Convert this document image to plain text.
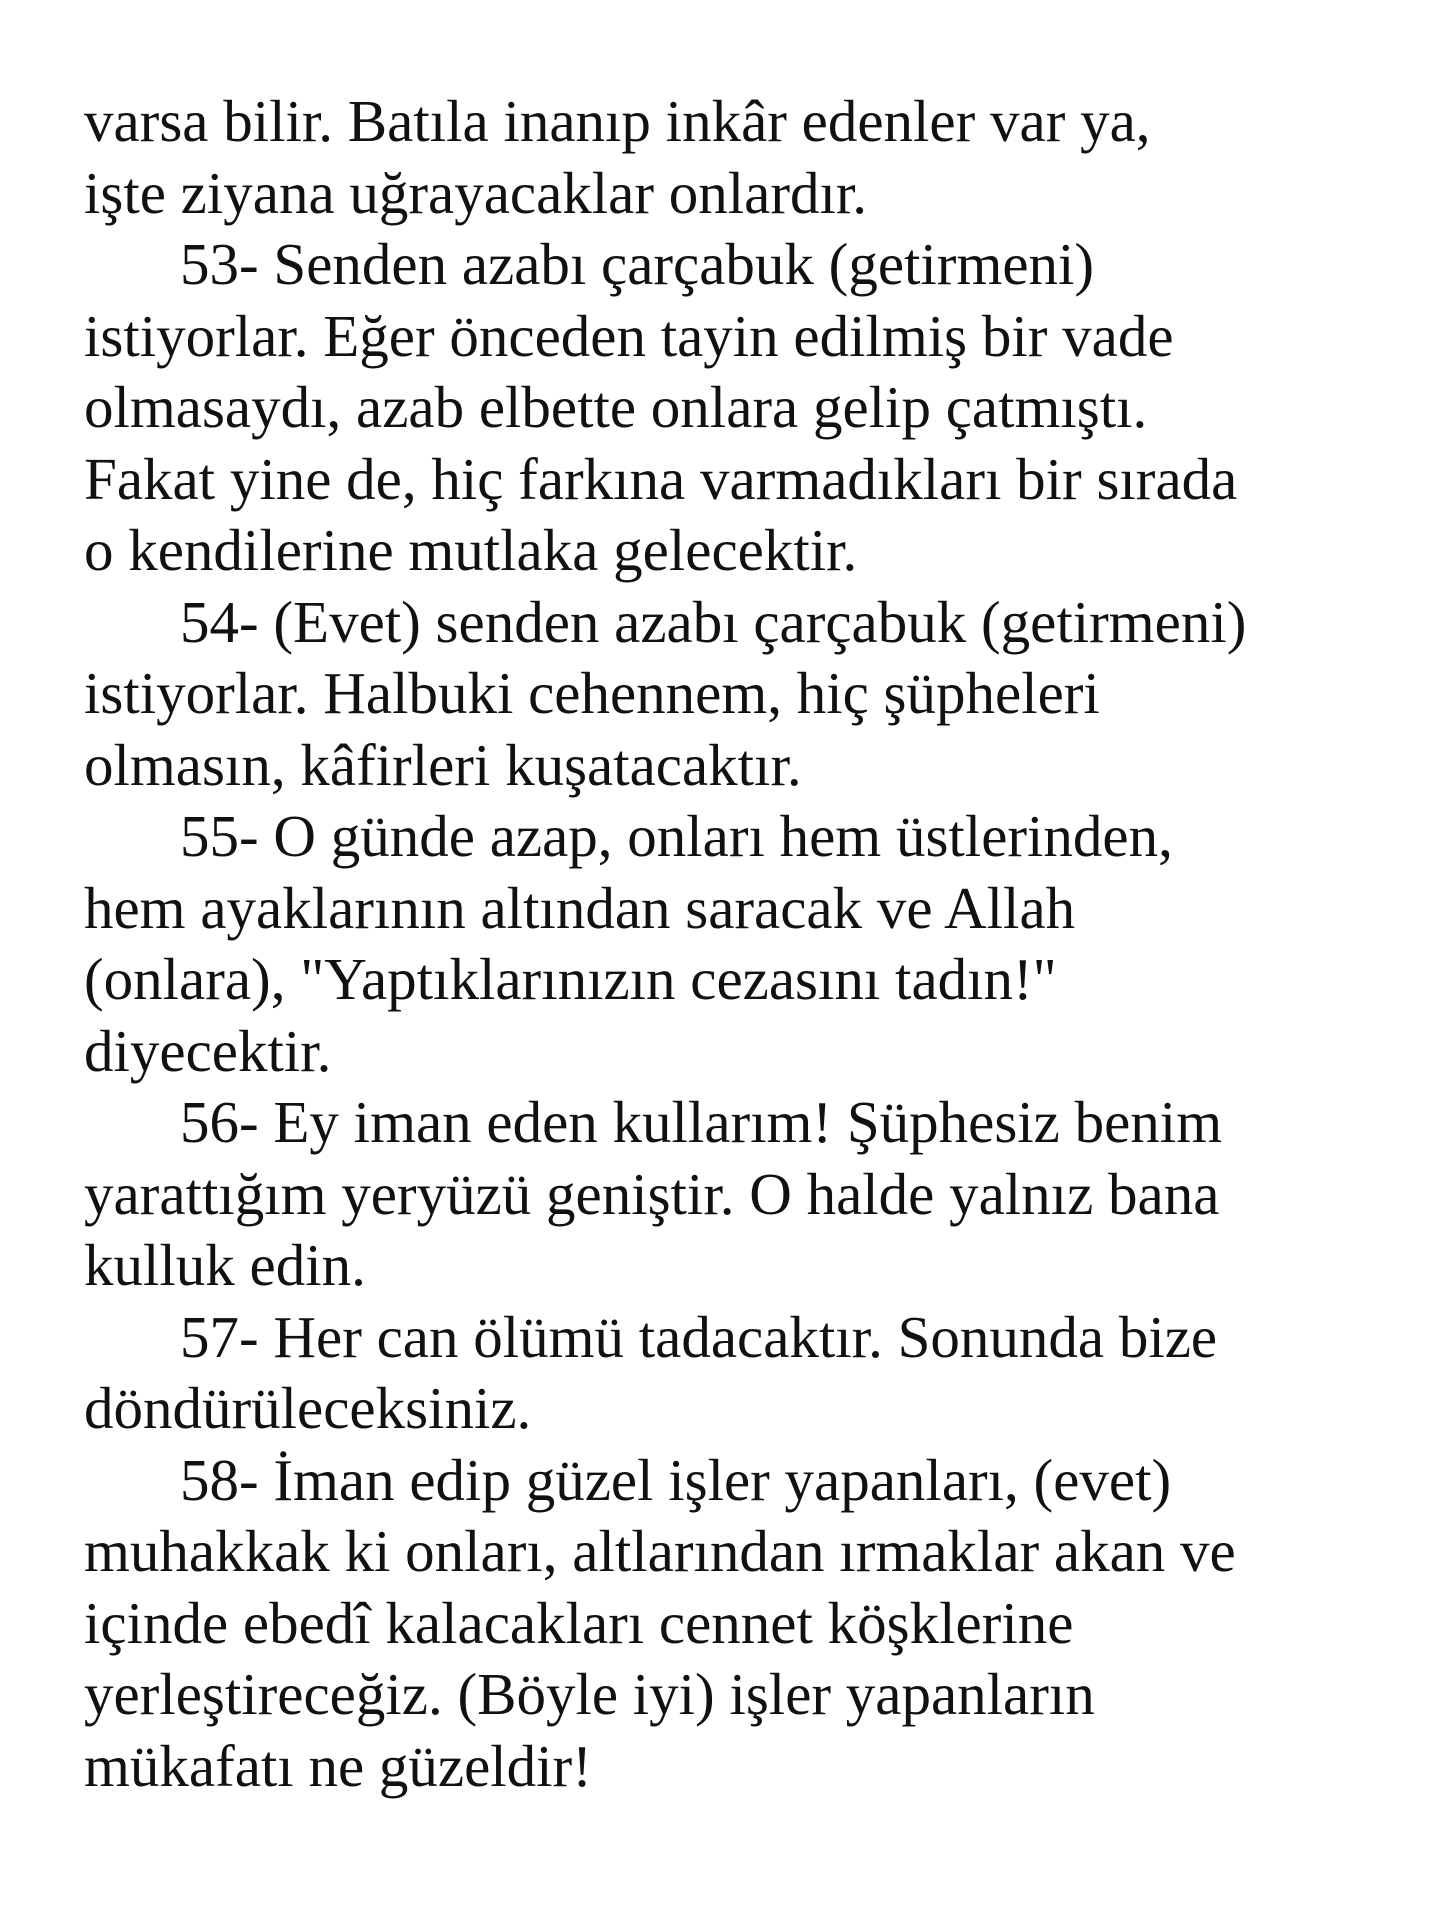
varsa bilir. Batıla inanıp inkâr edenler var ya,
işte ziyana uğrayacaklar onlardır.
53- Senden azabı çarçabuk (getirmeni)
istiyorlar. Eğer önceden tayin edilmiş bir vade
olmasaydı, azab elbette onlara gelip çatmıştı.
Fakat yine de, hiç farkına varmadıkları bir sırada
o kendilerine mutlaka gelecektir.
54- (Evet) senden azabı çarçabuk (getirmeni)
istiyorlar. Halbuki cehennem, hiç şüpheleri
olmasın, kâfirleri kuşatacaktır.
55- O günde azap, onları hem üstlerinden,
hem ayaklarının altından saracak ve Allah
(onlara), "Yaptıklarınızın cezasını tadın!"
diyecektir.
56- Ey iman eden kullarım! Şüphesiz benim
yarattığım yeryüzü geniştir. O halde yalnız bana
kulluk edin.
57- Her can ölümü tadacaktır. Sonunda bize
döndürüleceksiniz.
58- İman edip güzel işler yapanları, (evet)
muhakkak ki onları, altlarından ırmaklar akan ve
içinde ebedî kalacakları cennet köşklerine
yerleştireceğiz. (Böyle iyi) işler yapanların
mükafatı ne güzeldir!
